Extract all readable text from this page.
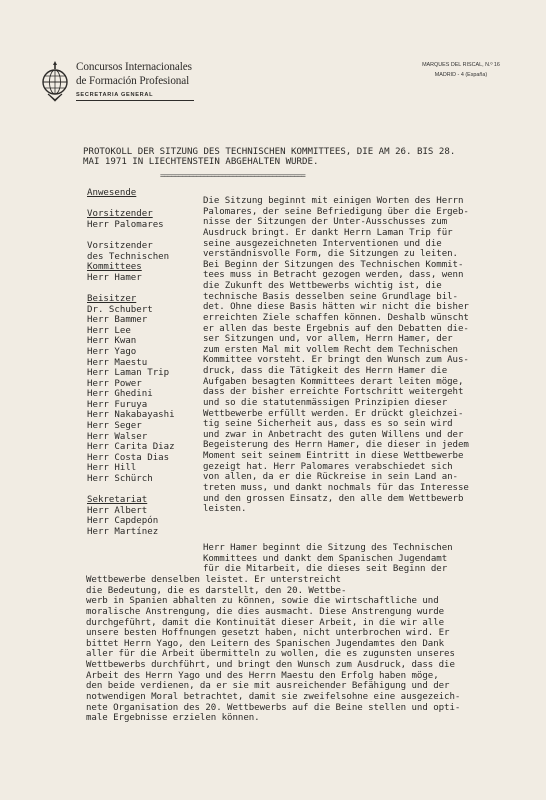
Concursos Internacionales
de Formación Profesional
SECRETARIA GENERAL
MARQUES DEL RISCAL, N.º 16
MADRID - 4 (España)
PROTOKOLL DER SITZUNG DES TECHNISCHEN KOMMITTEES, DIE AM 26. BIS 28.
MAI 1971 IN LIECHTENSTEIN ABGEHALTEN WURDE.
========================================
Anwesende
Vorsitzender
Herr Palomares
Vorsitzender
des Technischen
Kommittees
Herr Hamer
Beisitzer
Dr. Schubert
Herr Bammer
Herr Lee
Herr Kwan
Herr Yago
Herr Maestu
Herr Laman Trip
Herr Power
Herr Ghedini
Herr Furuya
Herr Nakabayashi
Herr Seger
Herr Walser
Herr Carita Diaz
Herr Costa Dias
Herr Hill
Herr Schürch
Sekretariat
Herr Albert
Herr Capdepón
Herr Martínez
Die Sitzung beginnt mit einigen Worten des Herrn
Palomares, der seine Befriedigung über die Ergeb-
nisse der Sitzungen der Unter-Ausschusses zum
Ausdruck bringt. Er dankt Herrn Laman Trip für
seine ausgezeichneten Interventionen und die
verständnisvolle Form, die Sitzungen zu leiten.
Bei Beginn der Sitzungen des Technischen Kommit-
tees muss in Betracht gezogen werden, dass, wenn
die Zukunft des Wettbewerbs wichtig ist, die
technische Basis desselben seine Grundlage bil-
det. Ohne diese Basis hätten wir nicht die bisher
erreichten Ziele schaffen können. Deshalb wünscht
er allen das beste Ergebnis auf den Debatten die-
ser Sitzungen und, vor allem, Herrn Hamer, der
zum ersten Mal mit vollem Recht dem Technischen
Kommittee vorsteht. Er bringt den Wunsch zum Aus-
druck, dass die Tätigkeit des Herrn Hamer die
Aufgaben besagten Kommittees derart leiten möge,
dass der bisher erreichte Fortschritt weitergeht
und so die statutenmässigen Prinzipien dieser
Wettbewerbe erfüllt werden. Er drückt gleichzei-
tig seine Sicherheit aus, dass es so sein wird
und zwar in Anbetracht des guten Willens und der
Begeisterung des Herrn Hamer, die dieser in jedem
Moment seit seinem Eintritt in diese Wettbewerbe
gezeigt hat. Herr Palomares verabschiedet sich
von allen, da er die Rückreise in sein Land an-
treten muss, und dankt nochmals für das Interesse
und den grossen Einsatz, den alle dem Wettbewerb
leisten.
Herr Hamer beginnt die Sitzung des Technischen
Kommittees und dankt dem Spanischen Jugendamt
für die Mitarbeit, die dieses seit Beginn der
Wettbewerbe denselben leistet. Er unterstreicht
die Bedeutung, die es darstellt, den 20. Wettbe-
werb in Spanien abhalten zu können, sowie die wirtschaftliche und
moralische Anstrengung, die dies ausmacht. Diese Anstrengung wurde
durchgeführt, damit die Kontinuität dieser Arbeit, in die wir alle
unsere besten Hoffnungen gesetzt haben, nicht unterbrochen wird. Er
bittet Herrn Yago, den Leitern des Spanischen Jugendamtes den Dank
aller für die Arbeit übermitteln zu wollen, die es zugunsten unseres
Wettbewerbs durchführt, und bringt den Wunsch zum Ausdruck, dass die
Arbeit des Herrn Yago und des Herrn Maestu den Erfolg haben möge,
den beide verdienen, da er sie mit ausreichender Befähigung und der
notwendigen Moral betrachtet, damit sie zweifelsohne eine ausgezeich-
nete Organisation des 20. Wettbewerbs auf die Beine stellen und opti-
male Ergebnisse erzielen können.
